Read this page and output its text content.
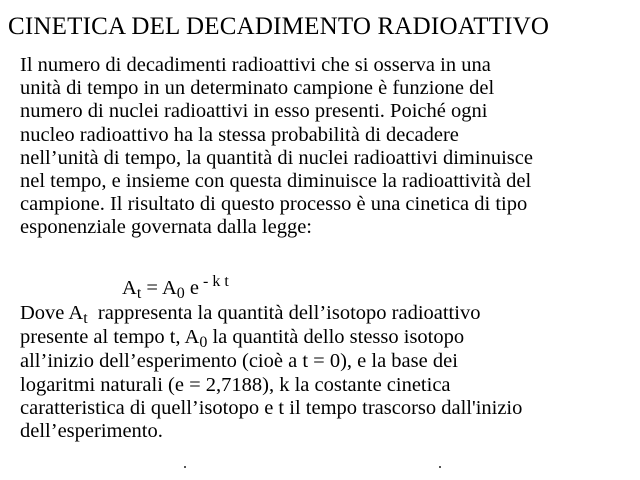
CINETICA DEL DECADIMENTO RADIOATTIVO
Il numero di decadimenti radioattivi che si osserva in una
unità di tempo in un determinato campione è funzione del
numero di nuclei radioattivi in esso presenti. Poiché ogni
nucleo radioattivo ha la stessa probabilità di decadere
nell’unità di tempo, la quantità di nuclei radioattivi diminuisce
nel tempo, e insieme con questa diminuisce la radioattività del
campione. Il risultato di questo processo è una cinetica di tipo
esponenziale governata dalla legge:
At = A0 e $^{- k t}$
Dove At  rappresenta la quantità dell’isotopo radioattivo
presente al tempo t, A0 la quantità dello stesso isotopo
all’inizio dell’esperimento (cioè a t = 0), e la base dei
logaritmi naturali (e = 2,7188), k la costante cinetica
caratteristica di quell’isotopo e t il tempo trascorso dall'inizio
dell’esperimento.
